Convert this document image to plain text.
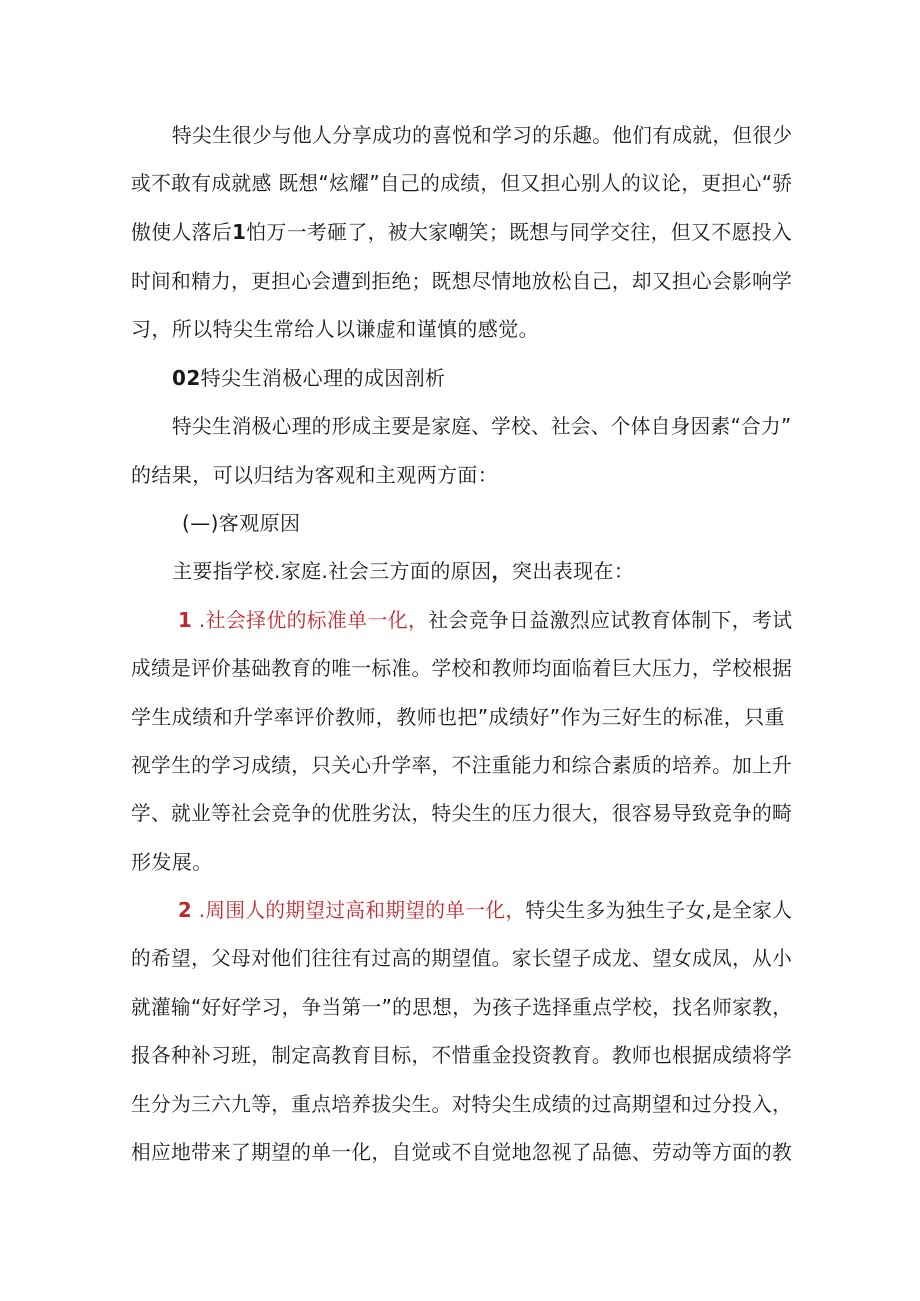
特尖生很少与他人分享成功的喜悦和学习的乐趣。他们有成就，但很少
或不敢有成就感 既想“炫耀”自己的成绩，但又担心别人的议论，更担心“骄
傲使人落后1怕万一考砸了，被大家嘲笑；既想与同学交往，但又不愿投入
时间和精力，更担心会遭到拒绝；既想尽情地放松自己，却又担心会影响学
习，所以特尖生常给人以谦虚和谨慎的感觉。
02特尖生消极心理的成因剖析
特尖生消极心理的形成主要是家庭、学校、社会、个体自身因素“合力”
的结果，可以归结为客观和主观两方面：
(—)客观原因
主要指学校.家庭.社会三方面的原因，突出表现在：
1 .社会择优的标准单一化，社会竞争日益激烈应试教育体制下，考试
成绩是评价基础教育的唯一标准。学校和教师均面临着巨大压力，学校根据
学生成绩和升学率评价教师，教师也把”成绩好”作为三好生的标准，只重
视学生的学习成绩，只关心升学率，不注重能力和综合素质的培养。加上升
学、就业等社会竞争的优胜劣汰，特尖生的压力很大，很容易导致竞争的畸
形发展。
2 .周围人的期望过高和期望的单一化，特尖生多为独生子女,是全家人
的希望，父母对他们往往有过高的期望值。家长望子成龙、望女成凤，从小
就灌输“好好学习，争当第一”的思想，为孩子选择重点学校，找名师家教，
报各种补习班，制定高教育目标，不惜重金投资教育。教师也根据成绩将学
生分为三六九等，重点培养拔尖生。对特尖生成绩的过高期望和过分投入，
相应地带来了期望的单一化，自觉或不自觉地忽视了品德、劳动等方面的教
